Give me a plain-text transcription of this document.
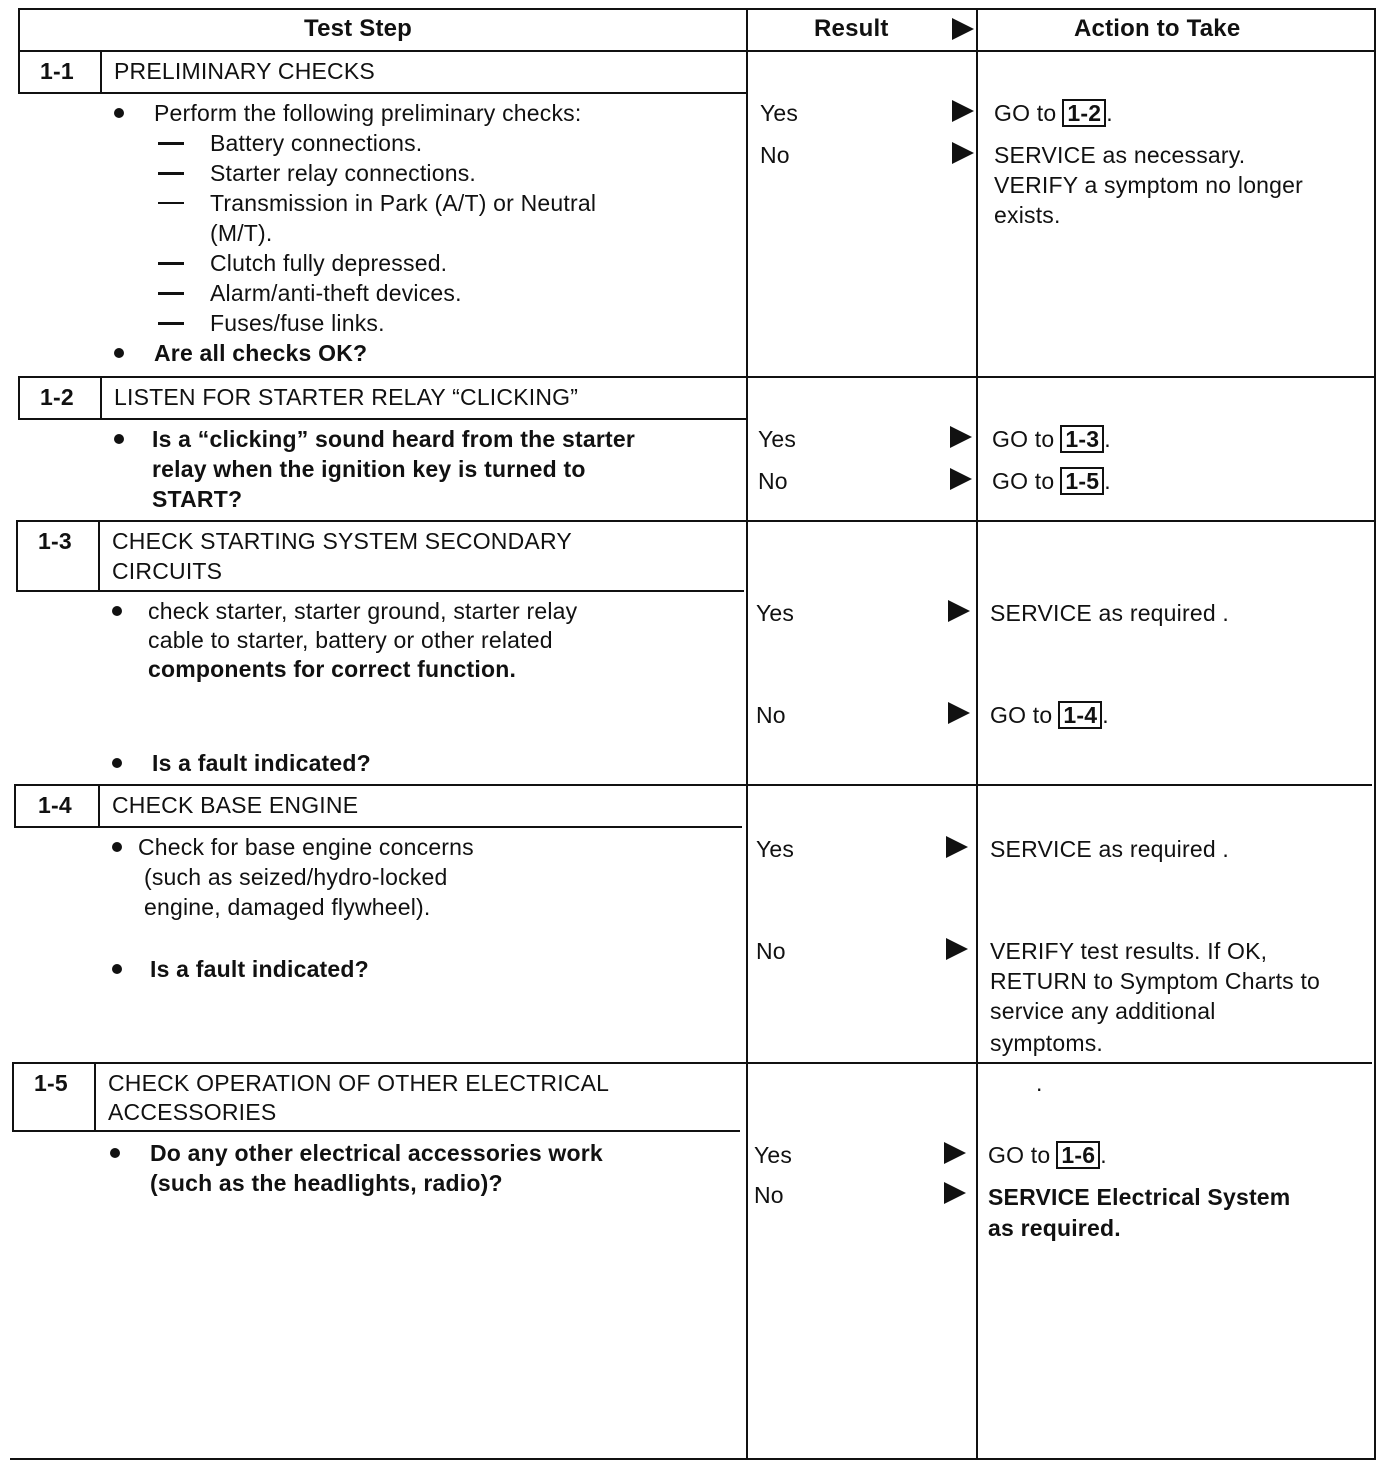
Test Step	Result	Action to Take
1-1 PRELIMINARY CHECKS
Perform the following preliminary checks:
Battery connections.
Starter relay connections.
Transmission in Park (A/T) or Neutral
(M/T).
Clutch fully depressed.
Alarm/anti-theft devices.
Fuses/fuse links.
Are all checks OK?
Yes
No
GO to 1-2 .
SERVICE as necessary.
VERIFY a symptom no longer
exists.
1-2 LISTEN FOR STARTER RELAY “CLICKING”
Is a “clicking” sound heard from the starter
relay when the ignition key is turned to
START?
Yes
No
GO to 1-3 .
GO to 1-5 .
1-3 CHECK STARTING SYSTEM SECONDARY
CIRCUITS
check starter, starter ground, starter relay
cable to starter, battery or other related
components for correct function.
Is a fault indicated?
Yes
No
SERVICE as required .
GO to 1-4 .
1-4 CHECK BASE ENGINE
Check for base engine concerns
(such as seized/hydro-locked
engine, damaged flywheel).
Is a fault indicated?
Yes
No
SERVICE as required .
VERIFY test results. If OK,
RETURN to Symptom Charts to
service any additional
symptoms.
1-5 CHECK OPERATION OF OTHER ELECTRICAL
ACCESSORIES
Do any other electrical accessories work
(such as the headlights, radio)?
Yes
No
.
GO to 1-6 .
SERVICE Electrical System
as required.
